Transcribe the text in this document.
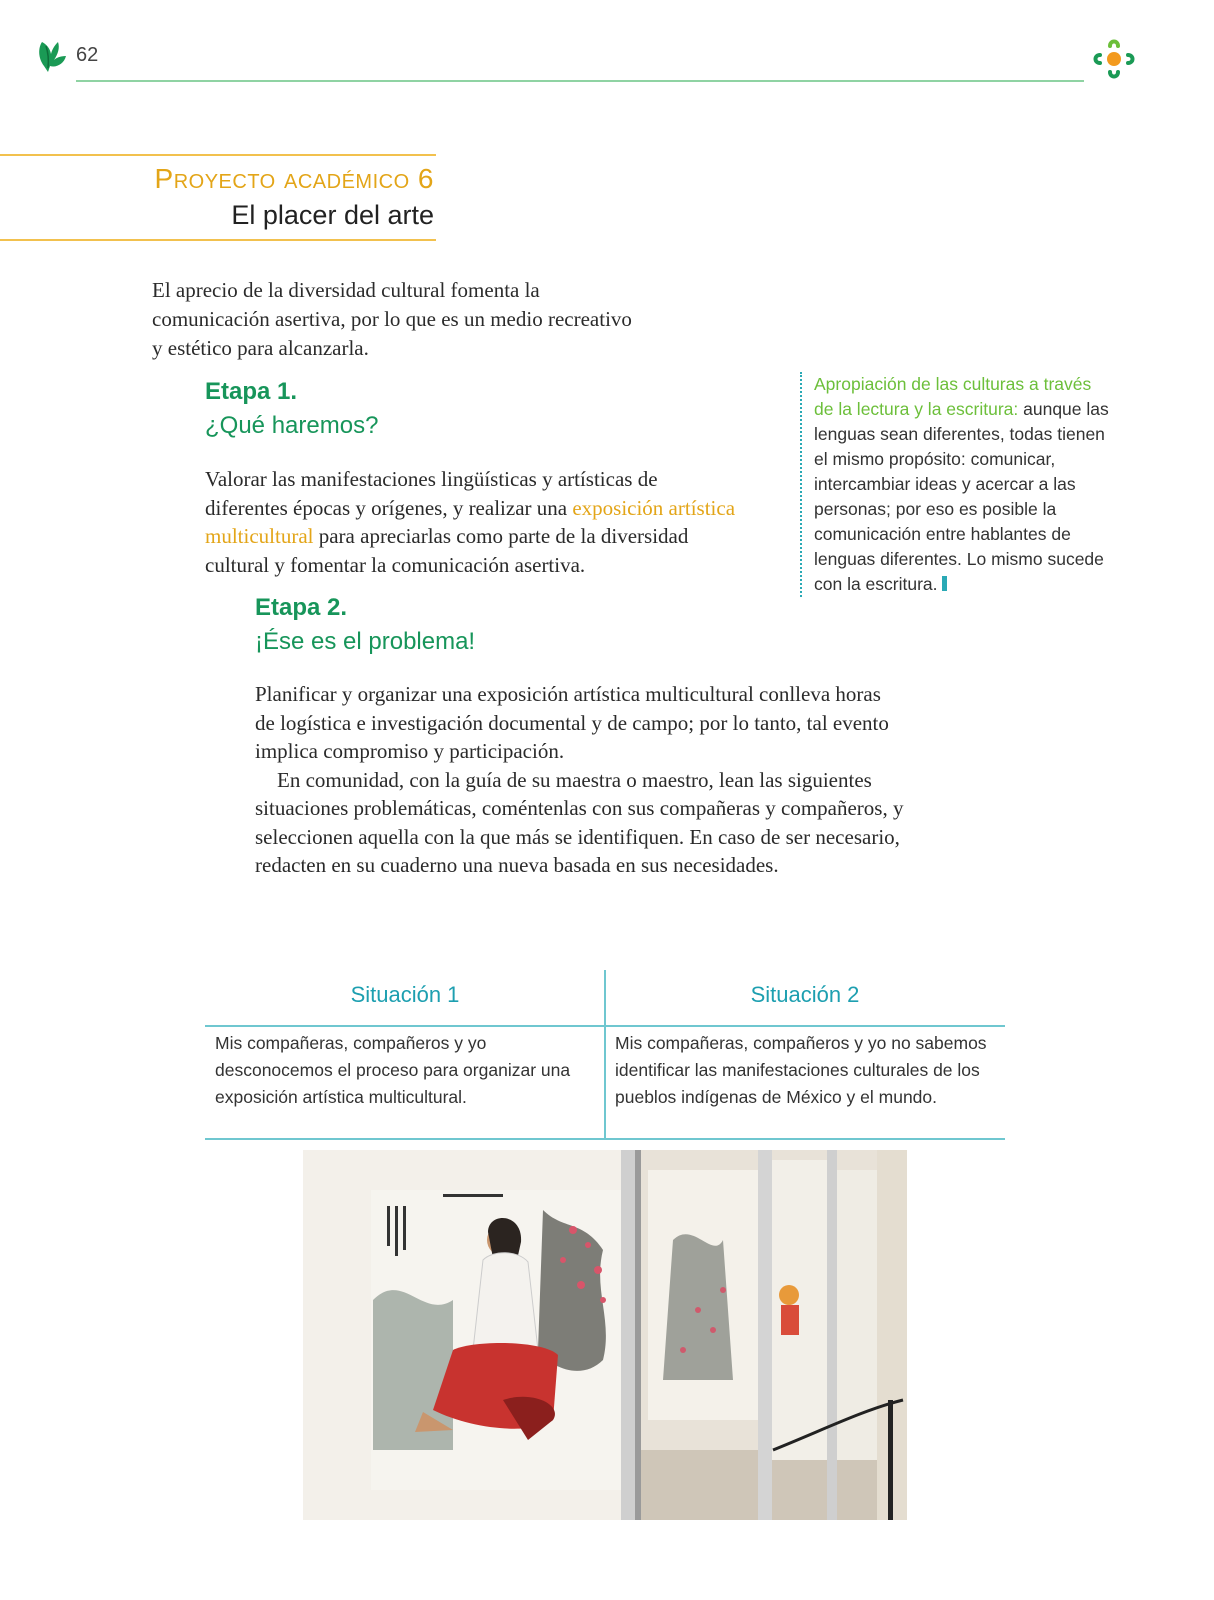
62
Proyecto académico 6
El placer del arte
El aprecio de la diversidad cultural fomenta la comunicación asertiva, por lo que es un medio recreativo y estético para alcanzarla.
Etapa 1.
¿Qué haremos?
Valorar las manifestaciones lingüísticas y artísticas de diferentes épocas y orígenes, y realizar una exposición artística multicultural para apreciarlas como parte de la diversidad cultural y fomentar la comunicación asertiva.
Apropiación de las culturas a través de la lectura y la escritura: aunque las lenguas sean diferentes, todas tienen el mismo propósito: comunicar, intercambiar ideas y acercar a las personas; por eso es posible la comunicación entre hablantes de lenguas diferentes. Lo mismo sucede con la escritura.
Etapa 2.
¡Ése es el problema!

Planificar y organizar una exposición artística multicultural conlleva horas de logística e investigación documental y de campo; por lo tanto, tal evento implica compromiso y participación.

En comunidad, con la guía de su maestra o maestro, lean las siguientes situaciones problemáticas, coméntenlas con sus compañeras y compañeros, y seleccionen aquella con la que más se identifiquen. En caso de ser necesario, redacten en su cuaderno una nueva basada en sus necesidades.

Situación 1
Mis compañeras, compañeros y yo desconocemos el proceso para organizar una exposición artística multicultural.
Situación 2
Mis compañeras, compañeros y yo no sabemos identificar las manifestaciones culturales de los pueblos indígenas de México y el mundo.
